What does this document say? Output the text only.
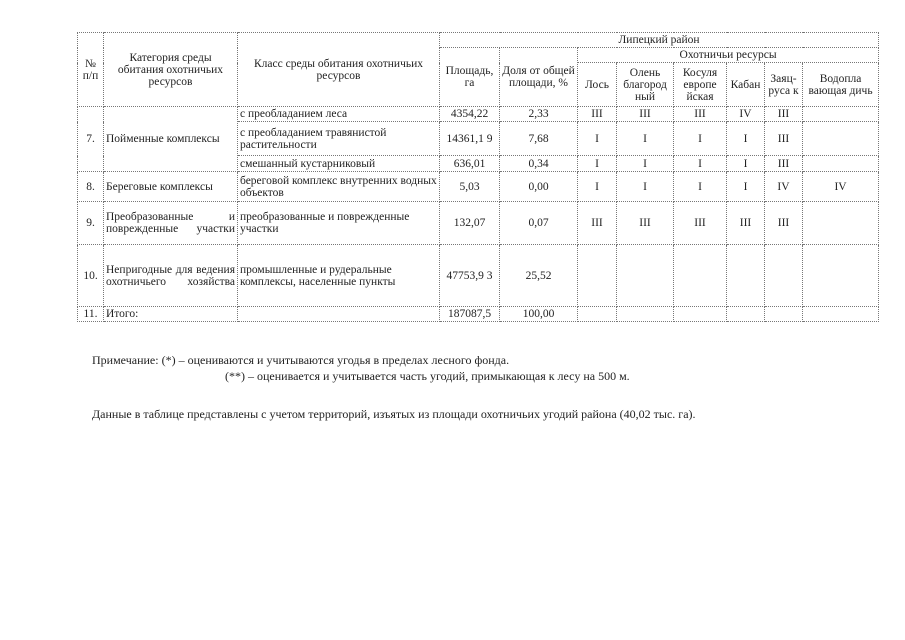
№ п/п	Категория среды обитания охотничьих ресурсов	Класс среды обитания охотничьих ресурсов	Липецкий район							
			Площадь, га	Доля от общей площади, %	Охотничьи ресурсы					
					Лось	Олень благород ный	Косуля европе йская	Кабан	Заяц-руса к	Водопла вающая дичь
7.	Пойменные комплексы	с преобладанием леса	4354,22	2,33	III	III	III	IV	III	
		с преобладанием травянистой растительности	14361,1 9	7,68	I	I	I	I	III	
		смешанный кустарниковый	636,01	0,34	I	I	I	I	III	
8.	Береговые комплексы	береговой комплекс внутренних водных объектов	5,03	0,00	I	I	I	I	IV	IV
9.	Преобразованные и поврежденные участки	преобразованные и поврежденные участки	132,07	0,07	III	III	III	III	III	
10.	Непригодные для ведения охотничьего хозяйства	промышленные и рудеральные комплексы, населенные пункты	47753,9 3	25,52						
11.	Итого:		187087,5	100,00						

Примечание: (*) – оцениваются и учитываются угодья в пределах лесного фонда.

(**) – оценивается и учитывается часть угодий, примыкающая к лесу на 500 м.

Данные в таблице представлены с учетом территорий, изъятых из площади охотничьих угодий района (40,02 тыс. га).
